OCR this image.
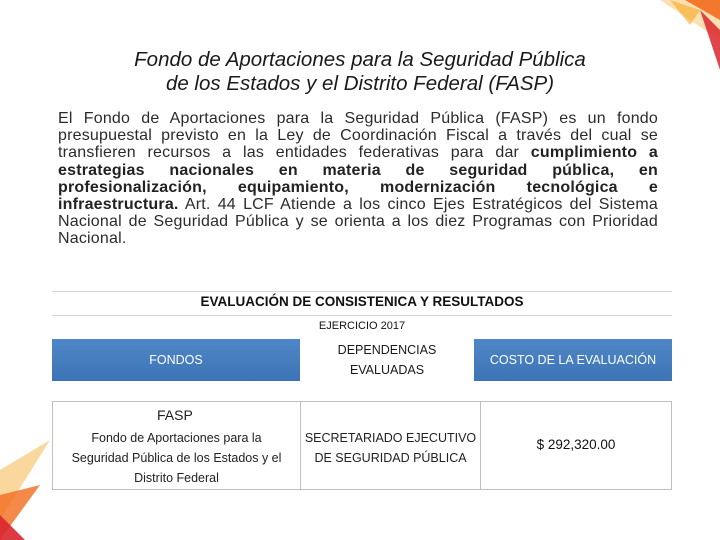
Fondo de Aportaciones para la Seguridad Pública
de los Estados y el Distrito Federal (FASP)
El Fondo de Aportaciones para la Seguridad Pública (FASP) es un fondo presupuestal previsto en la Ley de Coordinación Fiscal a través del cual se transfieren recursos a las entidades federativas para dar cumplimiento a estrategias nacionales en materia de seguridad pública, en profesionalización, equipamiento, modernización tecnológica e infraestructura. Art. 44 LCF Atiende a los cinco Ejes Estratégicos del Sistema Nacional de Seguridad Pública y se orienta a los diez Programas con Prioridad Nacional.
EVALUACIÓN DE CONSISTENICA Y RESULTADOS
EJERCICIO 2017
FONDOS
DEPENDENCIAS
EVALUADAS
COSTO DE LA EVALUACIÓN
FASP
Fondo de Aportaciones para la
Seguridad Pública de los Estados y el
Distrito Federal
SECRETARIADO EJECUTIVO
DE SEGURIDAD PÚBLICA
$ 292,320.00
